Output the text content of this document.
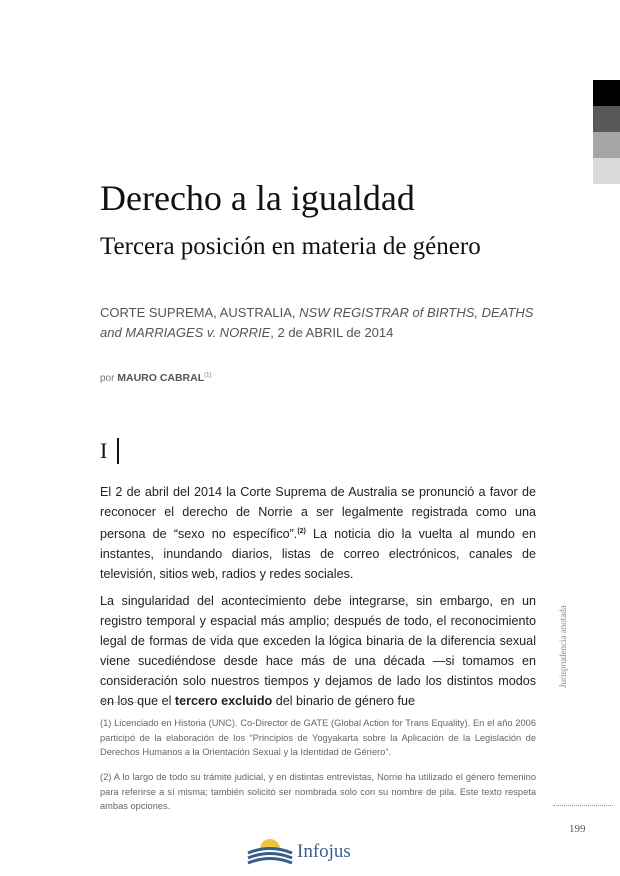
Derecho a la igualdad
Tercera posición en materia de género
CORTE SUPREMA, AUSTRALIA, NSW REGISTRAR of BIRTHS, DEATHS and MARRIAGES v. NORRIE, 2 de ABRIL de 2014
por MAURO CABRAL$^{(1)}$
I

El 2 de abril del 2014 la Corte Suprema de Australia se pronunció a favor de reconocer el derecho de Norrie a ser legalmente registrada como una persona de “sexo no específico”.$^{(2)}$ La noticia dio la vuelta al mundo en instantes, inundando diarios, listas de correo electrónicos, canales de televisión, sitios web, radios y redes sociales.

La singularidad del acontecimiento debe integrarse, sin embargo, en un registro temporal y espacial más amplio; después de todo, el reconocimiento legal de formas de vida que exceden la lógica binaria de la diferencia sexual viene sucediéndose desde hace más de una década —si tomamos en consideración solo nuestros tiempos y dejamos de lado los distintos modos en los que el tercero excluido del binario de género fue

(1) Licenciado en Historia (UNC). Co-Director de GATE (Global Action for Trans Equality). En el año 2006 participó de la elaboración de los “Principios de Yogyakarta sobre la Aplicación de la Legislación de Derechos Humanos a la Orientación Sexual y la Identidad de Género”.

(2) A lo largo de todo su trámite judicial, y en distintas entrevistas, Norrie ha utilizado el género femenino para referirse a sí misma; también solicitó ser nombrada solo con su nombre de pila. Este texto respeta ambas opciones.

Jurisprudencia anotada
199
Infojus
